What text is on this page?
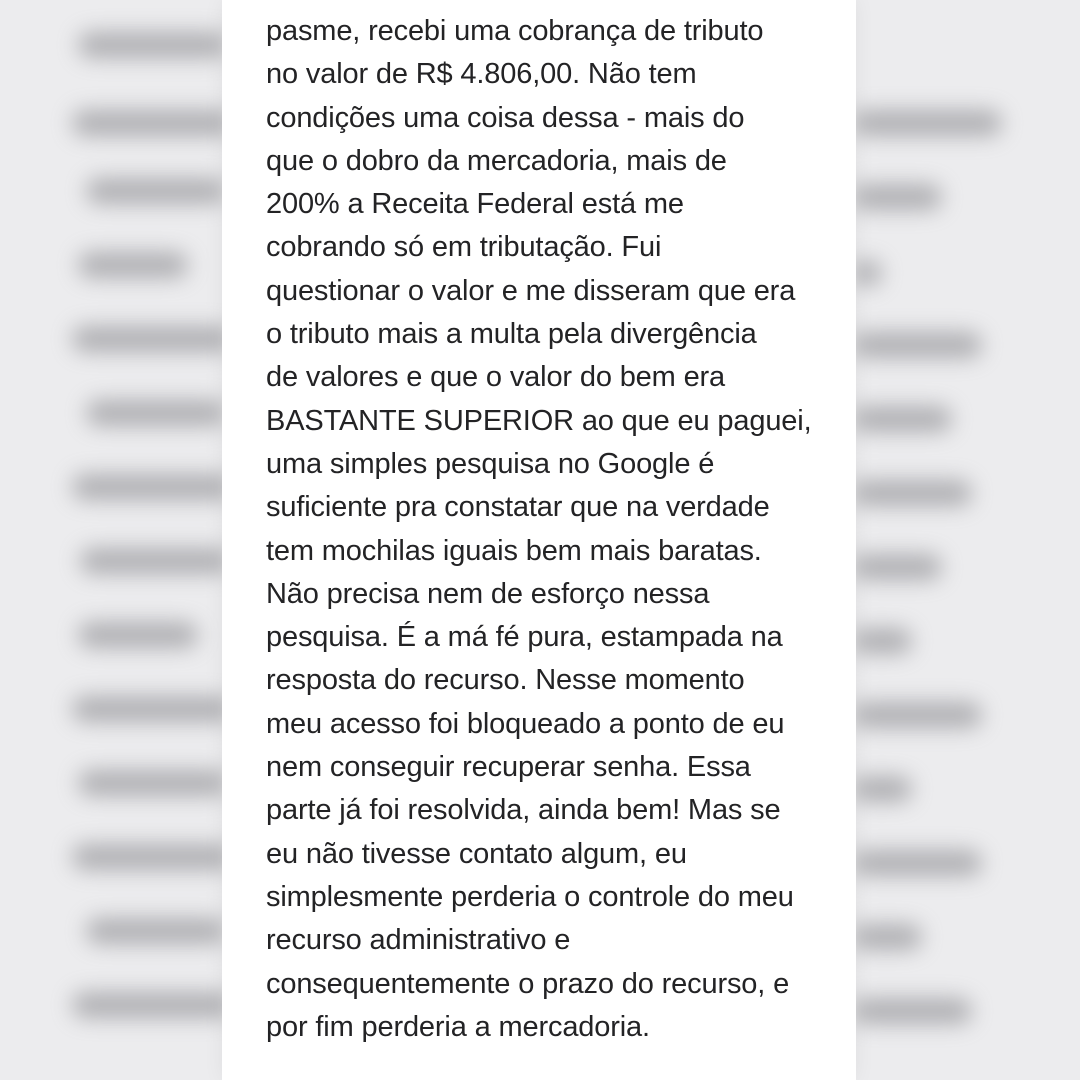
pasme, recebi uma cobrança de tributo
no valor de R$ 4.806,00. Não tem
condições uma coisa dessa - mais do
que o dobro da mercadoria, mais de
200% a Receita Federal está me
cobrando só em tributação. Fui
questionar o valor e me disseram que era
o tributo mais a multa pela divergência
de valores e que o valor do bem era
BASTANTE SUPERIOR ao que eu paguei,
uma simples pesquisa no Google é
suficiente pra constatar que na verdade
tem mochilas iguais bem mais baratas.
Não precisa nem de esforço nessa
pesquisa. É a má fé pura, estampada na
resposta do recurso. Nesse momento
meu acesso foi bloqueado a ponto de eu
nem conseguir recuperar senha. Essa
parte já foi resolvida, ainda bem! Mas se
eu não tivesse contato algum, eu
simplesmente perderia o controle do meu
recurso administrativo e
consequentemente o prazo do recurso, e
por fim perderia a mercadoria.
